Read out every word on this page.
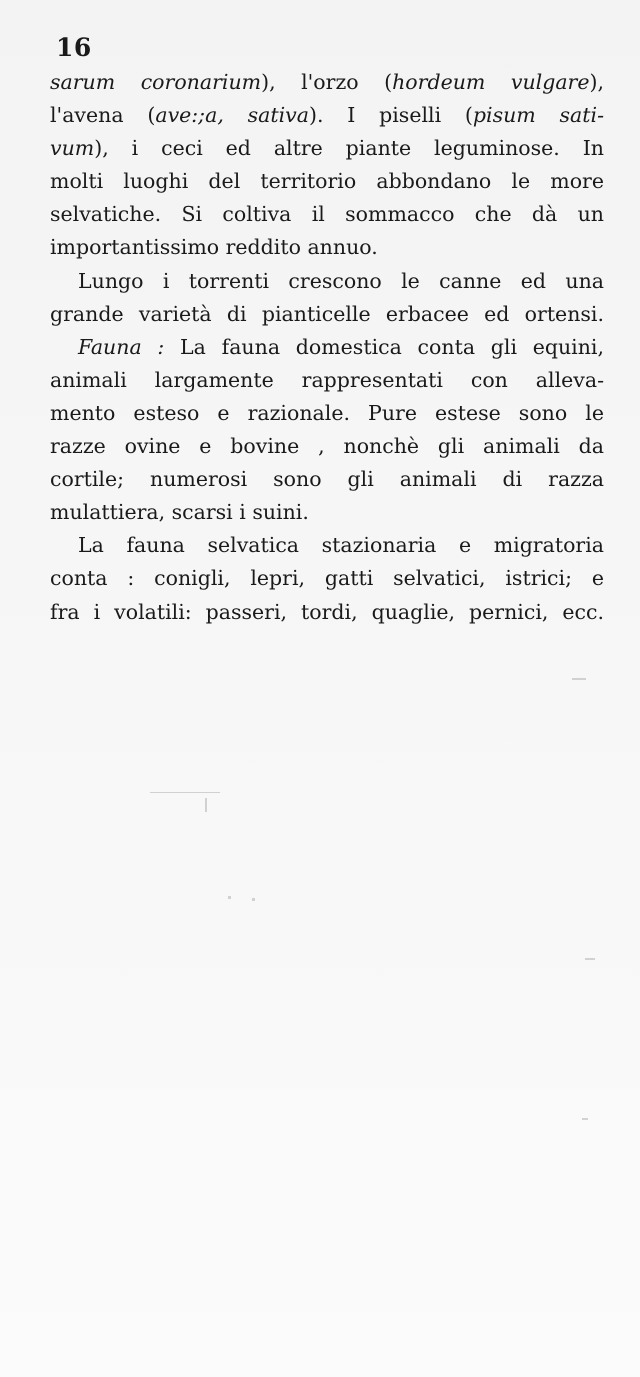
16
sarum coronarium), l'orzo (hordeum vulgare),
l'avena (ave:;a, sativa). I piselli (pisum sati-
vum), i ceci ed altre piante leguminose. In
molti luoghi del territorio abbondano le more
selvatiche. Si coltiva il sommacco che dà un
importantissimo reddito annuo.
Lungo i torrenti crescono le canne ed una
grande varietà di pianticelle erbacee ed ortensi.
Fauna : La fauna domestica conta gli equini,
animali largamente rappresentati con alleva-
mento esteso e razionale. Pure estese sono le
razze ovine e bovine , nonchè gli animali da
cortile; numerosi sono gli animali di razza
mulattiera, scarsi i suini.
La fauna selvatica stazionaria e migratoria
conta : conigli, lepri, gatti selvatici, istrici; e
fra i volatili: passeri, tordi, quaglie, pernici, ecc.
